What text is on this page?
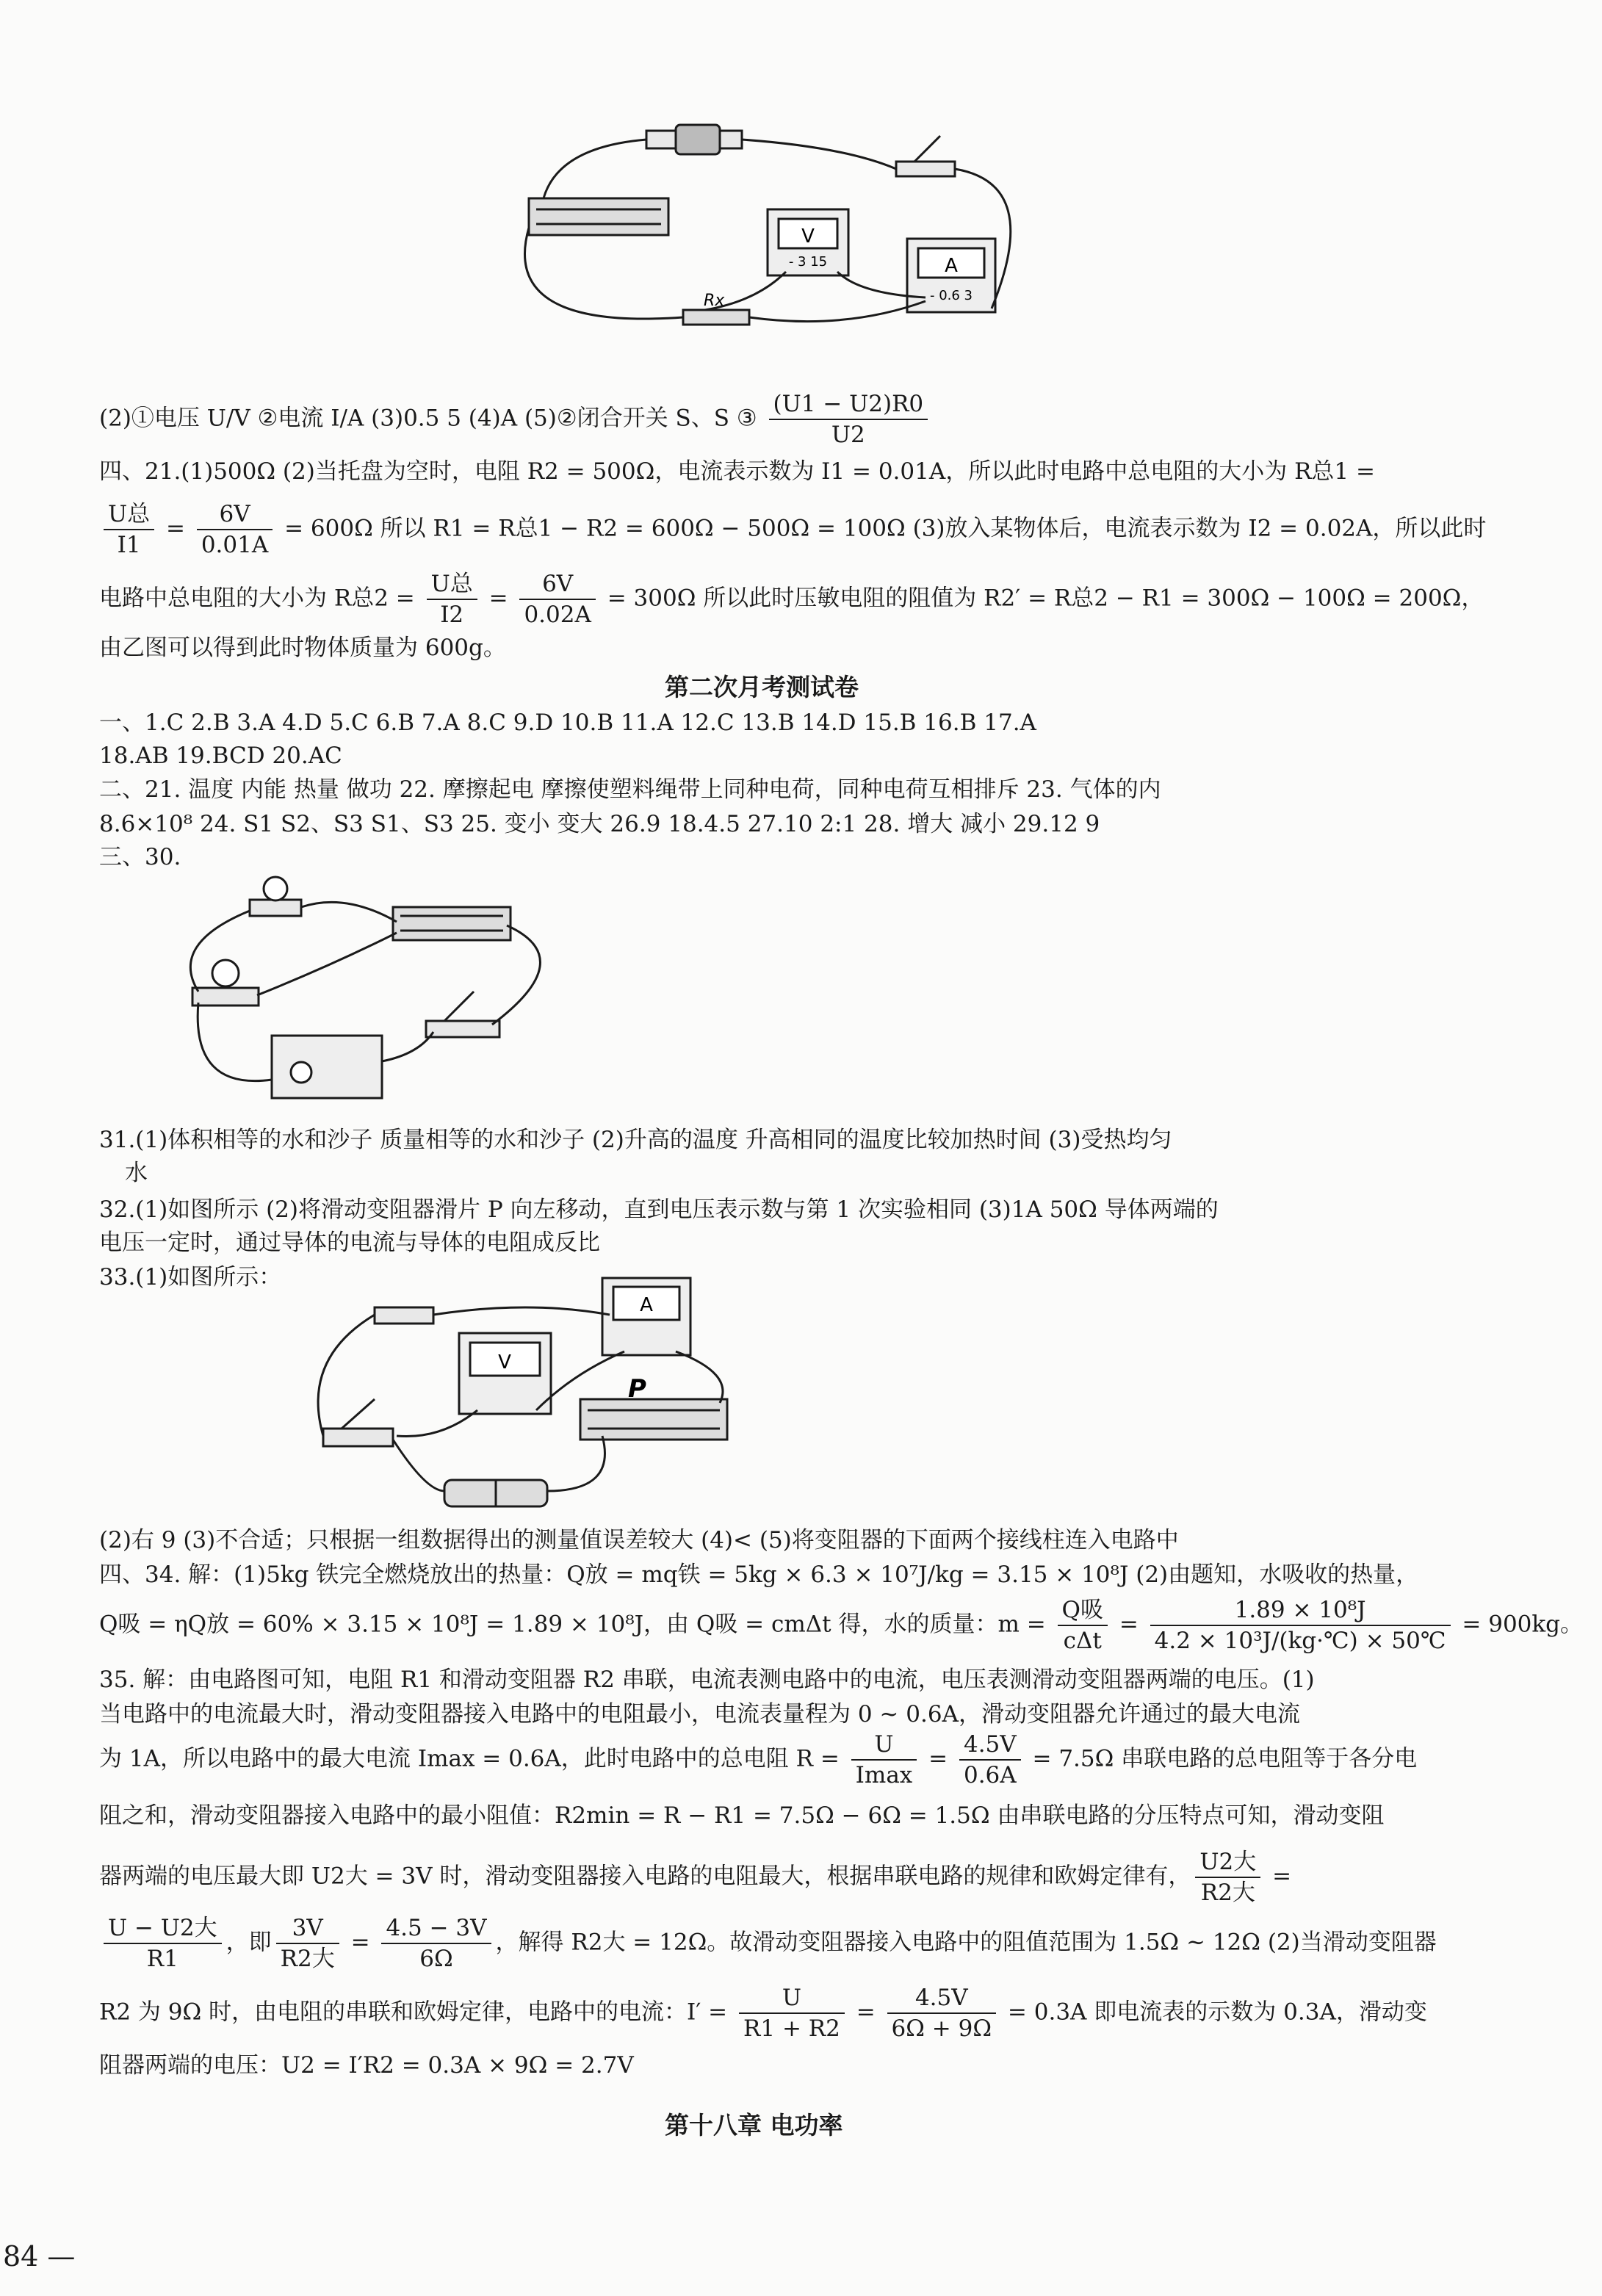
V
- 3 15	A
- 0.6 3
Rx
(2)①电压 U/V ②电流 I/A (3)0.5 5 (4)A (5)②闭合开关 S、S ③ $\frac{(U1 - U2)R0}{U2}$
四、21.(1)500Ω (2)当托盘为空时，电阻 R2 = 500Ω，电流表示数为 I1 = 0.01A，所以此时电路中总电阻的大小为 R总1 =
$\frac{\text{U总}}{I1} = \frac{6V}{0.01A} = 600\Omega$ 所以 R1 = R总1 − R2 = 600Ω − 500Ω = 100Ω (3)放入某物体后，电流表示数为 I2 = 0.02A，所以此时
电路中总电阻的大小为 R总$2 = \frac{\text{U总}}{I2} = \frac{6V}{0.02A} = 300\Omega$ 所以此时压敏电阻的阻值为 R2′ = R总2 − R1 = 300Ω − 100Ω = 200Ω，
由乙图可以得到此时物体质量为 600g。
第二次月考测试卷
一、1.C 2.B 3.A 4.D 5.C 6.B 7.A 8.C 9.D 10.B 11.A 12.C 13.B 14.D 15.B 16.B 17.A
18.AB 19.BCD 20.AC
二、21. 温度 内能 热量 做功 22. 摩擦起电 摩擦使塑料绳带上同种电荷，同种电荷互相排斥 23. 气体的内
8.6×10⁸ 24. S1 S2、S3 S1、S3 25. 变小 变大 26.9 18.4.5 27.10 2:1 28. 增大 减小 29.12 9
三、30.
31.(1)体积相等的水和沙子 质量相等的水和沙子 (2)升高的温度 升高相同的温度比较加热时间 (3)受热均匀
水
32.(1)如图所示 (2)将滑动变阻器滑片 P 向左移动，直到电压表示数与第 1 次实验相同 (3)1A 50Ω 导体两端的
电压一定时，通过导体的电流与导体的电阻成反比
33.(1)如图所示：
V
A
P
(2)右 9 (3)不合适；只根据一组数据得出的测量值误差较大 (4)< (5)将变阻器的下面两个接线柱连入电路中
四、34. 解：(1)5kg 铁完全燃烧放出的热量：Q放 = mq铁 = 5kg × 6.3 × 10⁷J/kg = 3.15 × 10⁸J (2)由题知，水吸收的热量，
Q吸 = ηQ放 = 60% × 3.15 × 10⁸J = 1.89 × 10⁸J，由 Q吸 = cmΔt 得，水的质量：$m = \frac{\text{Q吸}}{\text{cΔt}} = \frac{\text{1.89 × 10⁸J}}{\text{4.2 × 10³J/(kg·℃) × 50℃}} = 900kg$。
35. 解：由电路图可知，电阻 R1 和滑动变阻器 R2 串联，电流表测电路中的电流，电压表测滑动变阻器两端的电压。(1)
当电路中的电流最大时，滑动变阻器接入电路中的电阻最小，电流表量程为 0 ~ 0.6A，滑动变阻器允许通过的最大电流
为 1A，所以电路中的最大电流 Imax = 0.6A，此时电路中的总电阻 $R = \frac{U}{Imax} = \frac{4.5V}{0.6A} = 7.5\Omega$ 串联电路的总电阻等于各分电
阻之和，滑动变阻器接入电路中的最小阻值：R2min = R − R1 = 7.5Ω − 6Ω = 1.5Ω 由串联电路的分压特点可知，滑动变阻
器两端的电压最大即 U2大 = 3V 时，滑动变阻器接入电路的电阻最大，根据串联电路的规律和欧姆定律有， $\frac{\text{U2大}}{\text{R2大}}$ =
$\frac{\text{U − U2大}}{R1}$ ，即 $\frac{3V}{\text{R2大}} = \frac{4.5 - 3V}{6\Omega}$ ，解得 R2大 = 12Ω。故滑动变阻器接入电路中的阻值范围为 1.5Ω ~ 12Ω (2)当滑动变阻器
R2 为 9Ω 时，由电阻的串联和欧姆定律，电路中的电流：$I' = \frac{U}{R1 + R2} = \frac{4.5V}{6\Omega + 9\Omega} = 0.3A$ 即电流表的示数为 0.3A，滑动变
阻器两端的电压：U2 = I′R2 = 0.3A × 9Ω = 2.7V
第十八章 电功率
84 —
